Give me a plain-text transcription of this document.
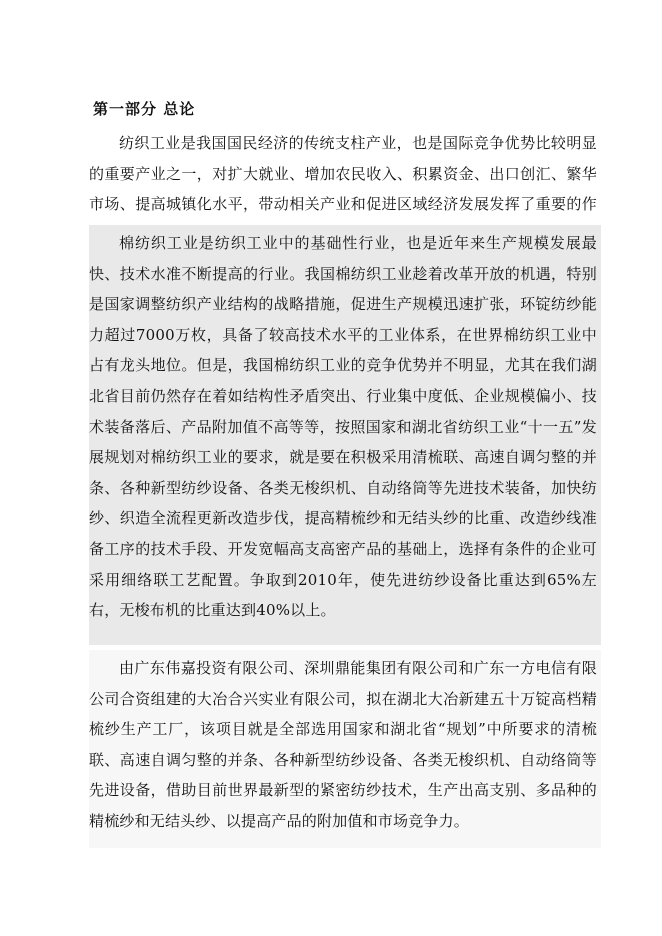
第一部分 总论

纺织工业是我国国民经济的传统支柱产业，也是国际竞争优势比较明显的重要产业之一，对扩大就业、增加农民收入、积累资金、出口创汇、繁华市场、提高城镇化水平，带动相关产业和促进区域经济发展发挥了重要的作

棉纺织工业是纺织工业中的基础性行业，也是近年来生产规模发展最快、技术水准不断提高的行业。我国棉纺织工业趁着改革开放的机遇，特别是国家调整纺织产业结构的战略措施，促进生产规模迅速扩张，环锭纺纱能力超过7000万枚，具备了较高技术水平的工业体系，在世界棉纺织工业中占有龙头地位。但是，我国棉纺织工业的竞争优势并不明显，尤其在我们湖北省目前仍然存在着如结构性矛盾突出、行业集中度低、企业规模偏小、技术装备落后、产品附加值不高等等，按照国家和湖北省纺织工业“十一五”发展规划对棉纺织工业的要求，就是要在积极采用清梳联、高速自调匀整的并条、各种新型纺纱设备、各类无梭织机、自动络筒等先进技术装备，加快纺纱、织造全流程更新改造步伐，提高精梳纱和无结头纱的比重、改造纱线准备工序的技术手段、开发宽幅高支高密产品的基础上，选择有条件的企业可采用细络联工艺配置。争取到2010年，使先进纺纱设备比重达到65%左右，无梭布机的比重达到40%以上。

由广东伟嘉投资有限公司、深圳鼎能集团有限公司和广东一方电信有限公司合资组建的大冶合兴实业有限公司，拟在湖北大冶新建五十万锭高档精梳纱生产工厂，该项目就是全部选用国家和湖北省“规划”中所要求的清梳联、高速自调匀整的并条、各种新型纺纱设备、各类无梭织机、自动络筒等先进设备，借助目前世界最新型的紧密纺纱技术，生产出高支别、多品种的精梳纱和无结头纱、以提高产品的附加值和市场竞争力。
